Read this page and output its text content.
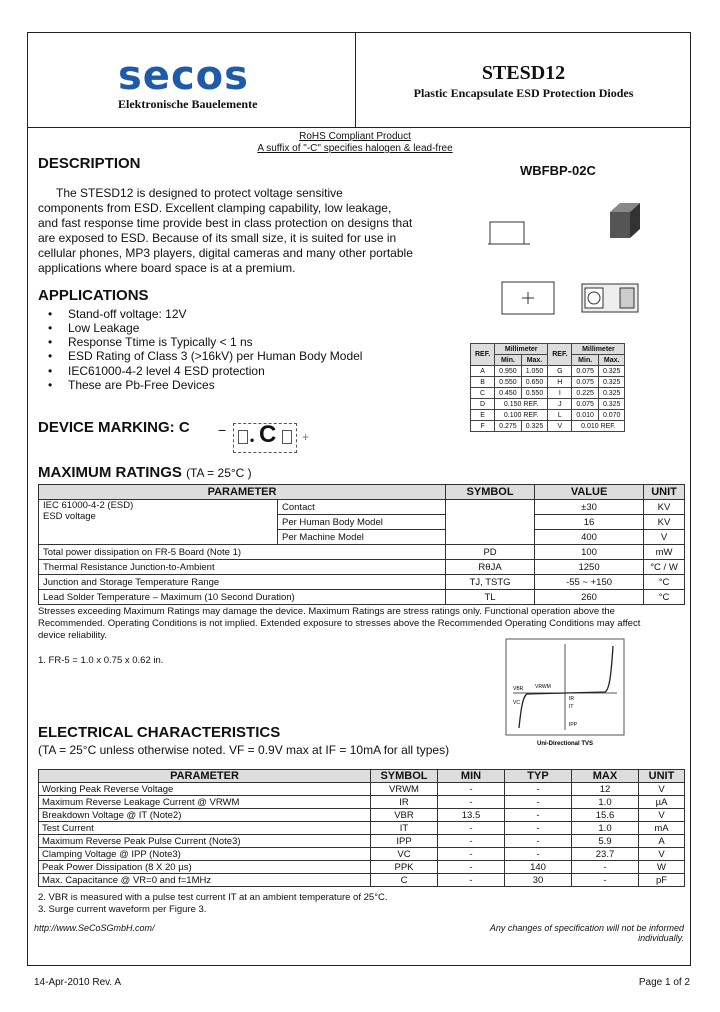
secos
Elektronische Bauelemente
STESD12
Plastic Encapsulate ESD Protection Diodes
RoHS Compliant Product
A suffix of "-C" specifies halogen & lead-free
DESCRIPTION
The STESD12 is designed to protect voltage sensitive
components from ESD. Excellent clamping capability, low leakage,
and fast response time provide best in class protection on designs that
are exposed to ESD. Because of its small size, it is suited for use in
cellular phones, MP3 players, digital cameras and many other portable
applications where board space is at a premium.
WBFBP-02C
REF.	Millimeter		REF.	Millimeter	
	Min.	Max.		Min.	Max.
A	0.950	1.050	G	0.075	0.325
B	0.550	0.650	H	0.075	0.325
C	0.450	0.550	I	0.225	0.325
D	0.150 REF.		J	0.075	0.325
E	0.100 REF.		L	0.010	0.070
F	0.275	0.325	V	0.010 REF.	
APPLICATIONS
• Stand-off voltage: 12V
• Low Leakage
• Response Ttime is Typically < 1 ns
• ESD Rating of Class 3 (>16kV) per Human Body Model
• IEC61000-4-2 level 4 ESD protection
• These are Pb-Free Devices
DEVICE MARKING: C −
• C +
MAXIMUM RATINGS (TA = 25°C )
PARAMETER		SYMBOL	VALUE	UNIT

IEC 61000-4-2 (ESD)
ESD voltage	Contact		±30	KV
	Per Human Body Model		16	KV
	Per Machine Model		400	V
Total power dissipation on FR-5 Board (Note 1)		PD	100	mW
Thermal Resistance Junction-to-Ambient		RθJA	1250	°C / W
Junction and Storage Temperature Range		TJ, TSTG	-55 ~ +150	°C
Lead Solder Temperature – Maximum (10 Second Duration)		TL	260	°C
Stresses exceeding Maximum Ratings may damage the device. Maximum Ratings are stress ratings only. Functional operation above the Recommended. Operating Conditions is not implied. Extended exposure to stresses above the Recommended Operating Conditions may affect device reliability.
1. FR-5 = 1.0 x 0.75 x 0.62 in.
VBR VRWM
VC
IR
IT
IPP
Uni-Directional TVS
ELECTRICAL CHARACTERISTICS
(TA = 25°C unless otherwise noted. VF = 0.9V max at IF = 10mA for all types)
PARAMETER	SYMBOL	MIN	TYP	MAX	UNIT
Working Peak Reverse Voltage	VRWM	-	-	12	V
Maximum Reverse Leakage Current @ VRWM	IR	-	-	1.0	µA
Breakdown Voltage @ IT (Note2)	VBR	13.5	-	15.6	V
Test Current	IT	-	-	1.0	mA
Maximum Reverse Peak Pulse Current (Note3)	IPP	-	-	5.9	A
Clamping Voltage @ IPP (Note3)	VC	-	-	23.7	V
Peak Power Dissipation (8 X 20 µs)	PPK	-	140	-	W
Max. Capacitance @ VR=0 and f=1MHz	C	-	30	-	pF
2. VBR is measured with a pulse test current IT at an ambient temperature of 25°C.
3. Surge current waveform per Figure 3.
http://www.SeCoSGmbH.com/	Any changes of specification will not be informed individually.
14-Apr-2010 Rev. A	Page 1 of 2
